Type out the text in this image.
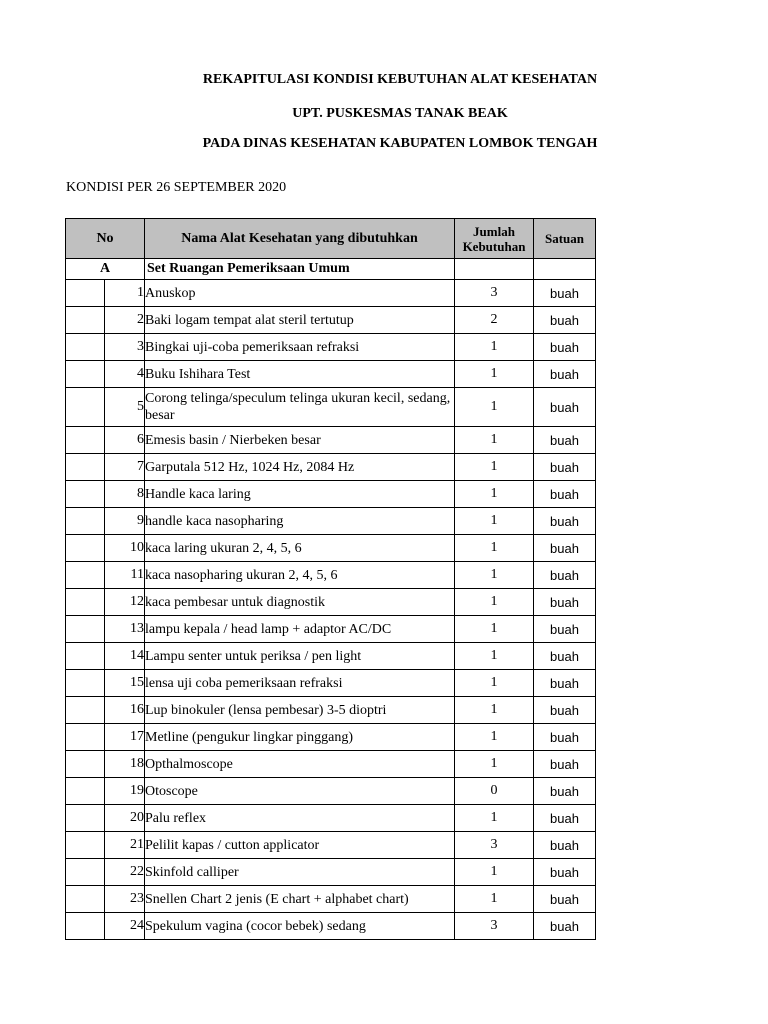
REKAPITULASI KONDISI KEBUTUHAN ALAT KESEHATAN
UPT. PUSKESMAS TANAK BEAK
PADA DINAS KESEHATAN KABUPATEN LOMBOK TENGAH
KONDISI PER 26 SEPTEMBER 2020
No		Nama Alat Kesehatan yang dibutuhkan	Jumlah
Kebutuhan	Satuan
A		Set Ruangan Pemeriksaan Umum		
	1	Anuskop	3	buah
	2	Baki logam tempat alat steril tertutup	2	buah
	3	Bingkai uji-coba pemeriksaan refraksi	1	buah
	4	Buku Ishihara Test	1	buah
	5	Corong telinga/speculum telinga ukuran kecil, sedang, besar	1	buah
	6	Emesis basin / Nierbeken besar	1	buah
	7	Garputala 512 Hz, 1024 Hz, 2084 Hz	1	buah
	8	Handle kaca laring	1	buah
	9	handle kaca nasopharing	1	buah
	10	kaca laring ukuran 2, 4, 5, 6	1	buah
	11	kaca nasopharing ukuran 2, 4, 5, 6	1	buah
	12	kaca pembesar untuk diagnostik	1	buah
	13	lampu kepala / head lamp + adaptor AC/DC	1	buah
	14	Lampu senter untuk periksa / pen light	1	buah
	15	lensa uji coba pemeriksaan refraksi	1	buah
	16	Lup binokuler (lensa pembesar) 3-5 dioptri	1	buah
	17	Metline (pengukur lingkar pinggang)	1	buah
	18	Opthalmoscope	1	buah
	19	Otoscope	0	buah
	20	Palu reflex	1	buah
	21	Pelilit kapas / cutton applicator	3	buah
	22	Skinfold calliper	1	buah
	23	Snellen Chart 2 jenis (E chart + alphabet chart)	1	buah
	24	Spekulum vagina (cocor bebek) sedang	3	buah
